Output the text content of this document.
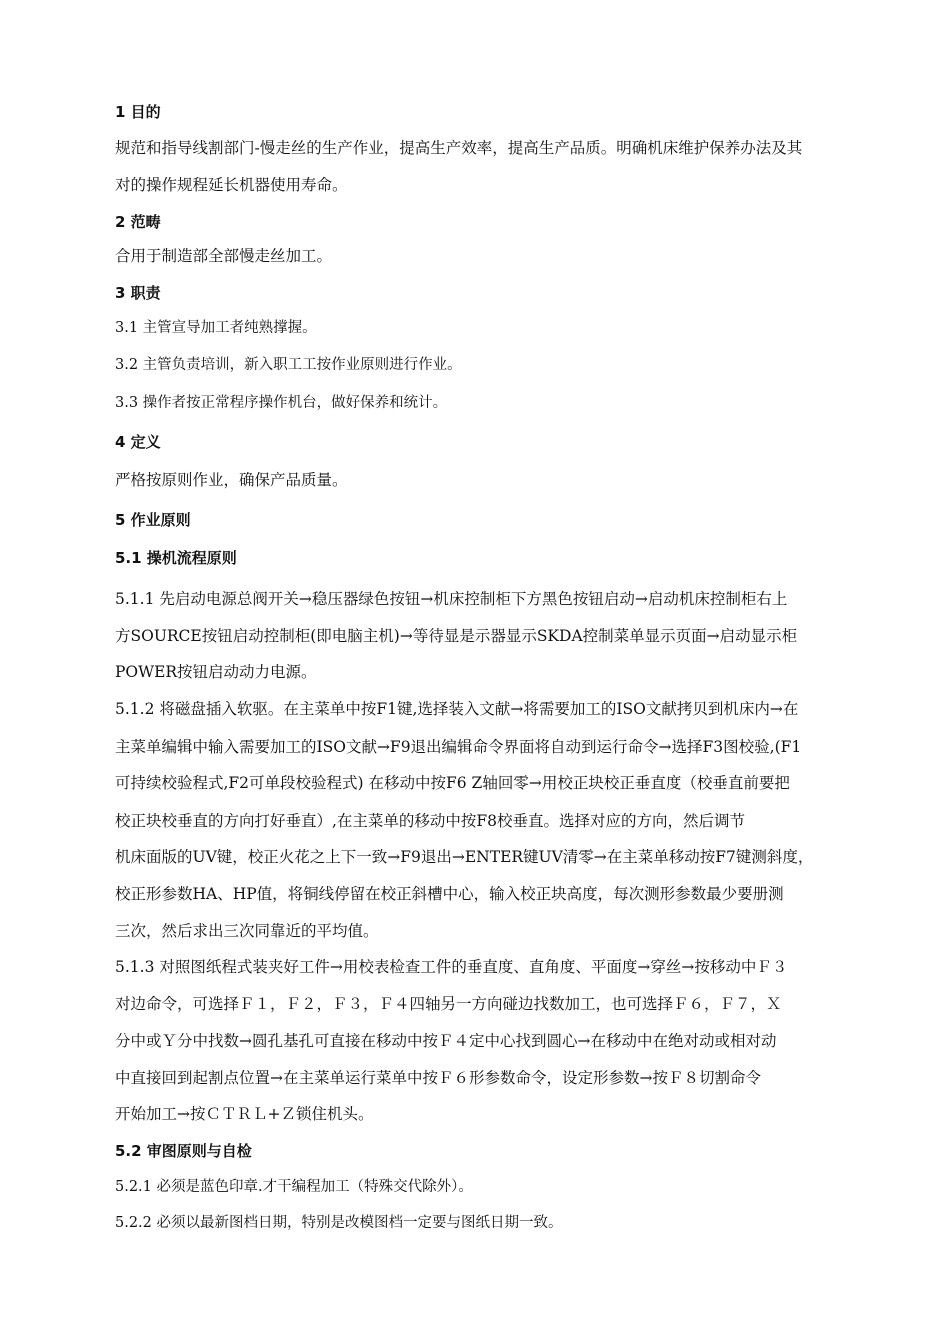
1 目的
规范和指导线割部门-慢走丝的生产作业，提高生产效率，提高生产品质。明确机床维护保养办法及其
对的操作规程延长机器使用寿命。
2 范畴
合用于制造部全部慢走丝加工。
3 职责
3.1 主管宣导加工者纯熟撑握。
3.2 主管负责培训，新入职工工按作业原则进行作业。
3.3 操作者按正常程序操作机台，做好保养和统计。
4 定义
严格按原则作业，确保产品质量。
5 作业原则
5.1 操机流程原则
5.1.1 先启动电源总阀开关→稳压器绿色按钮→机床控制柜下方黑色按钮启动→启动机床控制柜右上
方SOURCE按钮启动控制柜(即电脑主机)→等待显是示器显示SKDA控制菜单显示页面→启动显示柜
POWER按钮启动动力电源。
5.1.2 将磁盘插入软驱。在主菜单中按F1键,选择装入文献→将需要加工的ISO文献拷贝到机床内→在
主菜单编辑中输入需要加工的ISO文献→F9退出编辑命令界面将自动到运行命令→选择F3图校验,(F1
可持续校验程式,F2可单段校验程式) 在移动中按F6 Z轴回零→用校正块校正垂直度（校垂直前要把
校正块校垂直的方向打好垂直）,在主菜单的移动中按F8校垂直。选择对应的方向，然后调节
机床面版的UV键，校正火花之上下一致→F9退出→ENTER键UV清零→在主菜单移动按F7键测斜度，
校正形参数HA、HP值，将铜线停留在校正斜槽中心，输入校正块高度，每次测形参数最少要册测
三次，然后求出三次同靠近的平均值。
5.1.3 对照图纸程式装夹好工件→用校表检查工件的垂直度、直角度、平面度→穿丝→按移动中Ｆ３
对边命令，可选择Ｆ１，Ｆ２，Ｆ３，Ｆ４四轴另一方向碰边找数加工，也可选择Ｆ６，Ｆ７，Ｘ
分中或Ｙ分中找数→圆孔基孔可直接在移动中按Ｆ４定中心找到圆心→在移动中在绝对动或相对动
中直接回到起割点位置→在主菜单运行菜单中按Ｆ６形参数命令，设定形参数→按Ｆ８切割命令
开始加工→按ＣＴＲＬ+Ｚ锁住机头。
5.2 审图原则与自检
5.2.1 必须是蓝色印章.才干编程加工（特殊交代除外）。
5.2.2 必须以最新图档日期，特别是改模图档一定要与图纸日期一致。
